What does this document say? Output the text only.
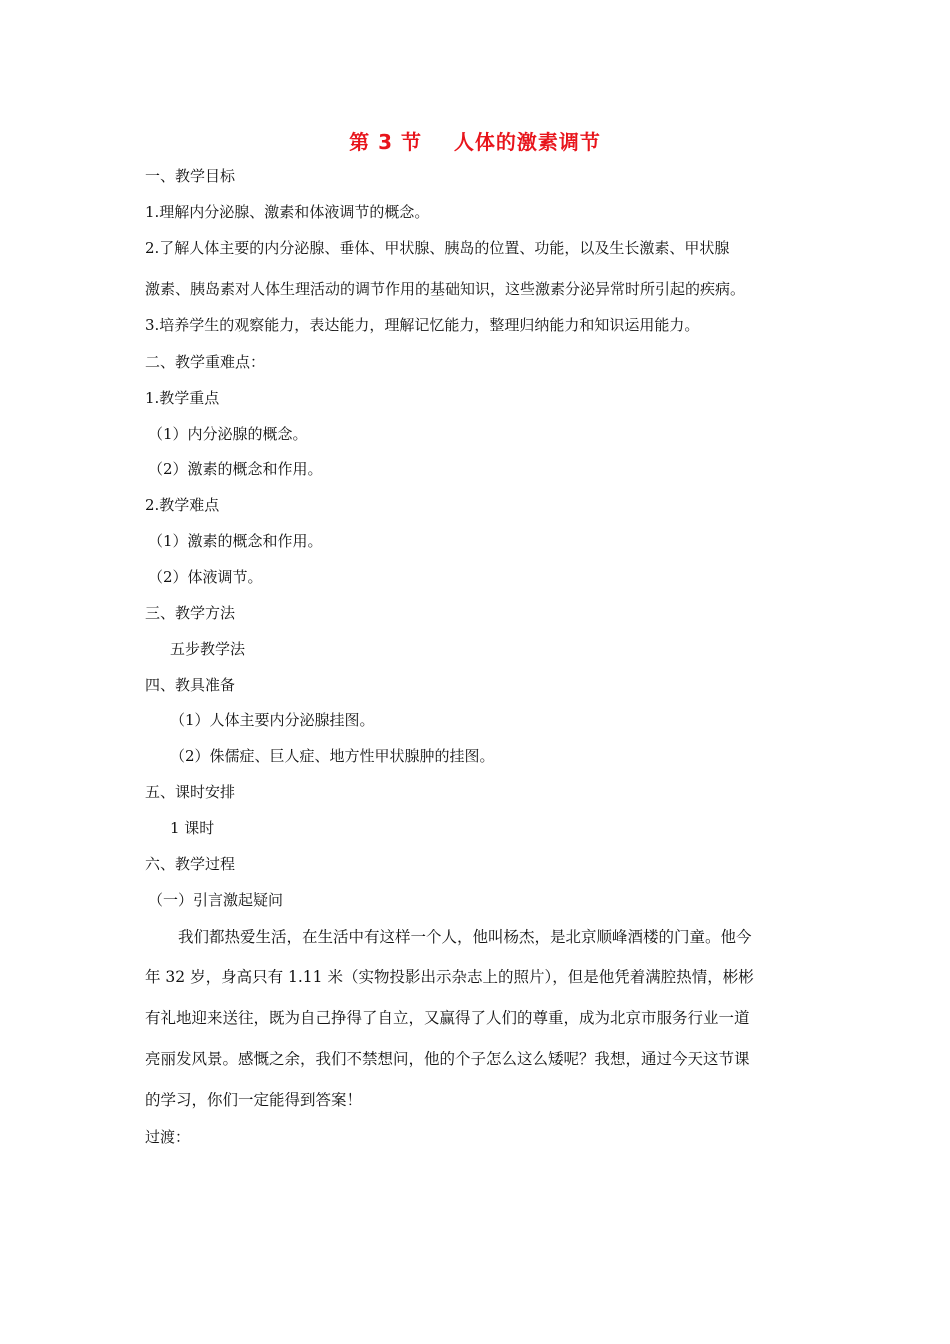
第 3 节    人体的激素调节
一、教学目标
1.理解内分泌腺、激素和体液调节的概念。
2.了解人体主要的内分泌腺、垂体、甲状腺、胰岛的位置、功能，以及生长激素、甲状腺
激素、胰岛素对人体生理活动的调节作用的基础知识，这些激素分泌异常时所引起的疾病。
3.培养学生的观察能力，表达能力，理解记忆能力，整理归纳能力和知识运用能力。
二、教学重难点：
1.教学重点
（1）内分泌腺的概念。
（2）激素的概念和作用。
2.教学难点
（1）激素的概念和作用。
（2）体液调节。
三、教学方法
五步教学法
四、教具准备
（1）人体主要内分泌腺挂图。
（2）侏儒症、巨人症、地方性甲状腺肿的挂图。
五、课时安排
1 课时
六、教学过程
（一）引言激起疑问
我们都热爱生活，在生活中有这样一个人，他叫杨杰，是北京顺峰酒楼的门童。他今
年 32 岁，身高只有 1.11 米（实物投影出示杂志上的照片），但是他凭着满腔热情，彬彬
有礼地迎来送往，既为自己挣得了自立，又赢得了人们的尊重，成为北京市服务行业一道
亮丽发风景。感慨之余，我们不禁想问，他的个子怎么这么矮呢？我想，通过今天这节课
的学习，你们一定能得到答案！
过渡：
